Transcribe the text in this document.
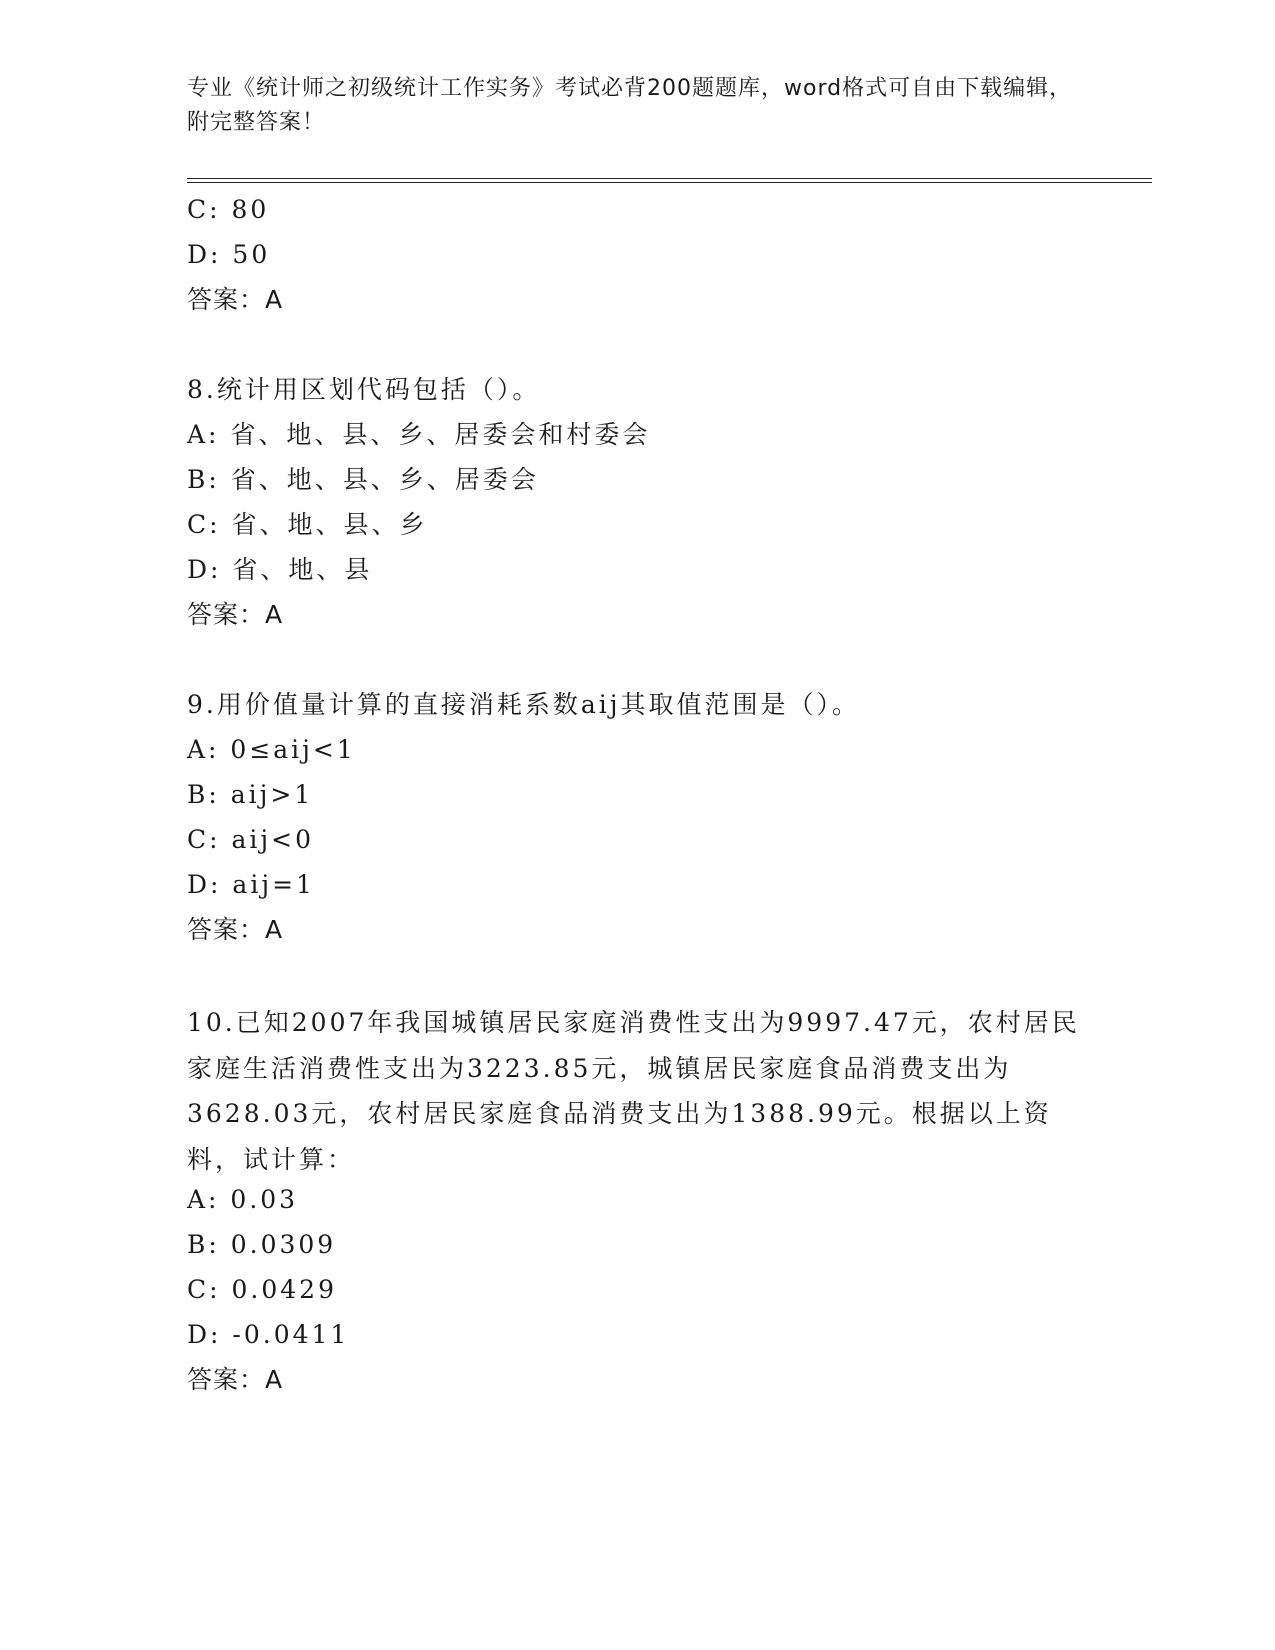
专业《统计师之初级统计工作实务》考试必背200题题库，word格式可自由下载编辑，附完整答案！
C: 80
D: 50
答案：A
8.统计用区划代码包括（）。
A: 省、地、县、乡、居委会和村委会
B: 省、地、县、乡、居委会
C: 省、地、县、乡
D: 省、地、县
答案：A
9.用价值量计算的直接消耗系数aij其取值范围是（）。
A: 0≤aij<1
B: aij>1
C: aij<0
D: aij=1
答案：A
10.已知2007年我国城镇居民家庭消费性支出为9997.47元，农村居民家庭生活消费性支出为3223.85元，城镇居民家庭食品消费支出为3628.03元，农村居民家庭食品消费支出为1388.99元。根据以上资料，试计算：
A: 0.03
B: 0.0309
C: 0.0429
D: -0.0411
答案：A
